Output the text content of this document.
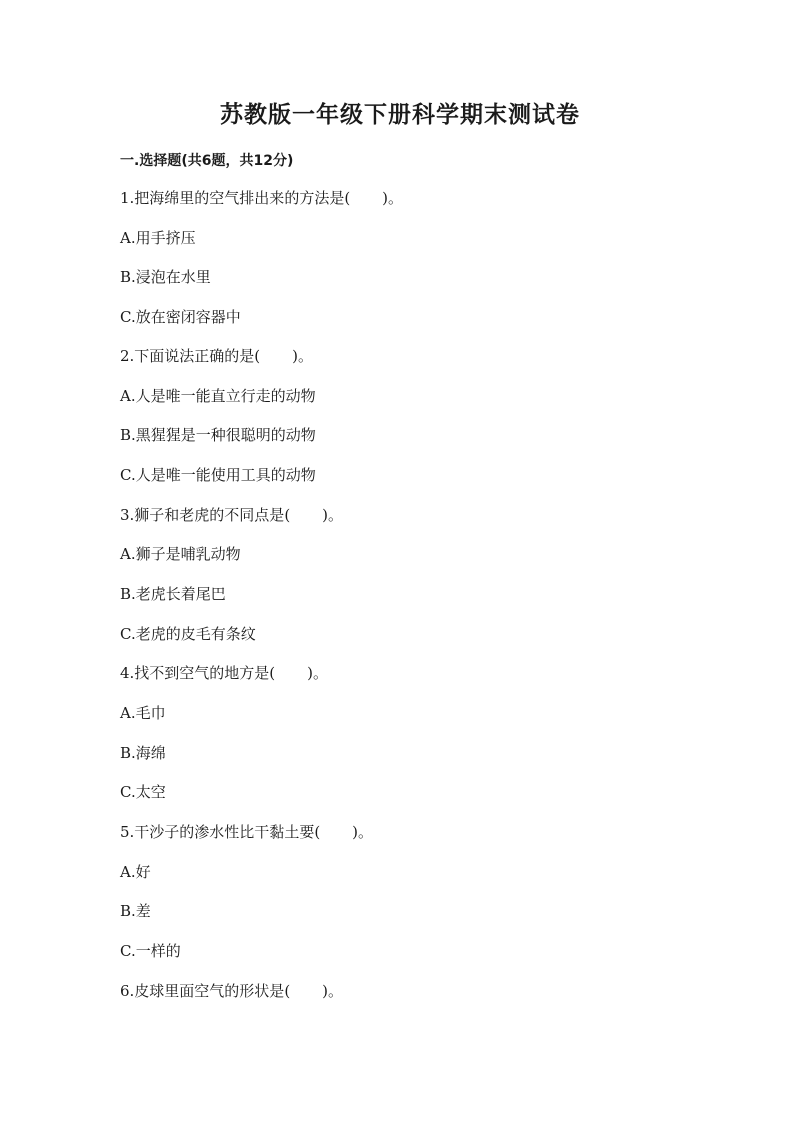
苏教版一年级下册科学期末测试卷
一.选择题(共6题，共12分)
1.把海绵里的空气排出来的方法是( )。
A.用手挤压
B.浸泡在水里
C.放在密闭容器中
2.下面说法正确的是( )。
A.人是唯一能直立行走的动物
B.黑猩猩是一种很聪明的动物
C.人是唯一能使用工具的动物
3.狮子和老虎的不同点是( )。
A.狮子是哺乳动物
B.老虎长着尾巴
C.老虎的皮毛有条纹
4.找不到空气的地方是( )。
A.毛巾
B.海绵
C.太空
5.干沙子的渗水性比干黏土要( )。
A.好
B.差
C.一样的
6.皮球里面空气的形状是( )。
